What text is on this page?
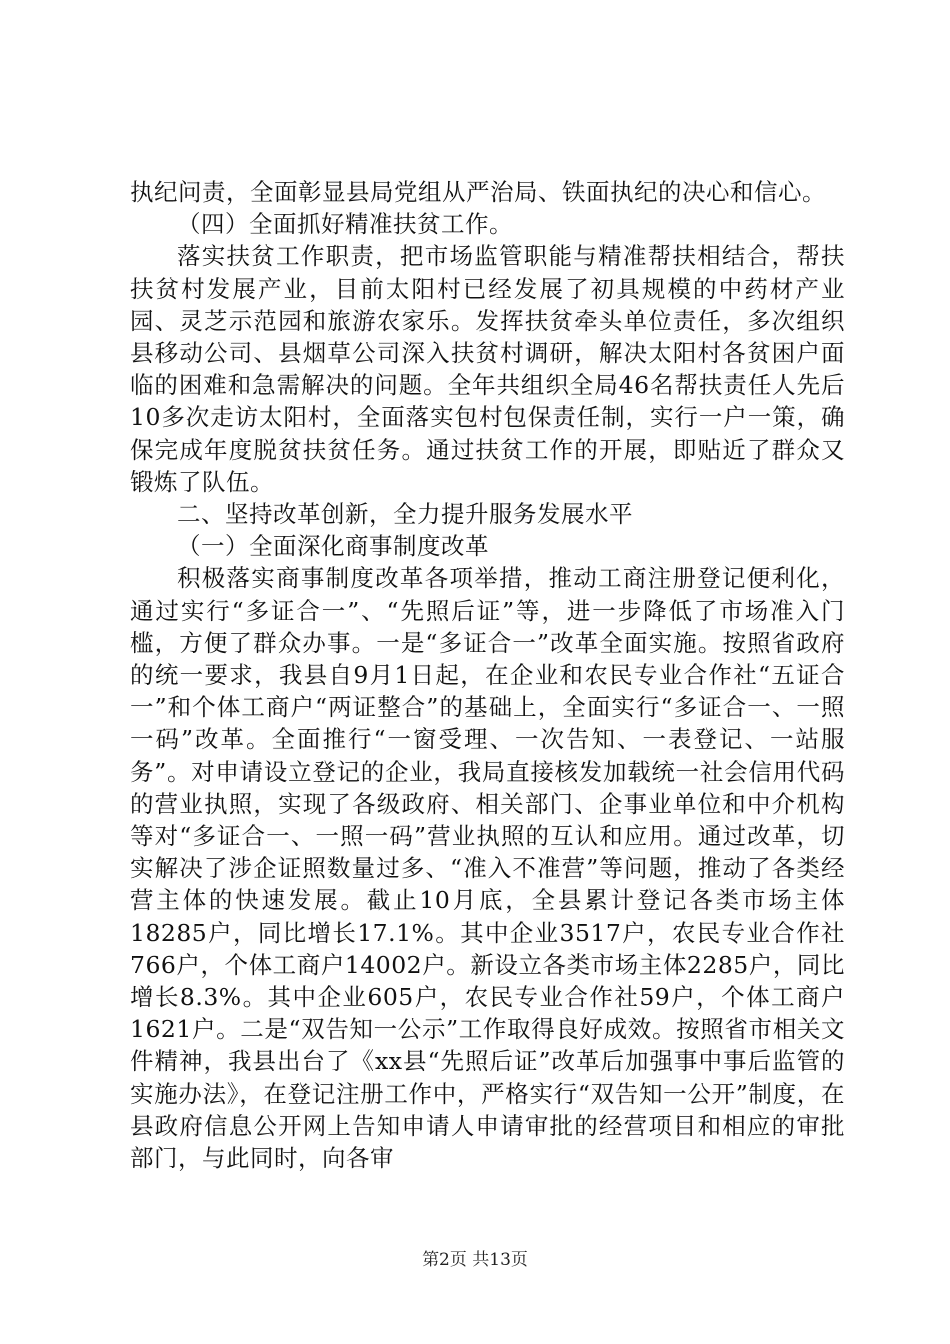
执纪问责，全面彰显县局党组从严治局、铁面执纪的决心和信心。

（四）全面抓好精准扶贫工作。

落实扶贫工作职责，把市场监管职能与精准帮扶相结合，帮扶扶贫村发展产业，目前太阳村已经发展了初具规模的中药材产业园、灵芝示范园和旅游农家乐。发挥扶贫牵头单位责任，多次组织县移动公司、县烟草公司深入扶贫村调研，解决太阳村各贫困户面临的困难和急需解决的问题。全年共组织全局46名帮扶责任人先后10多次走访太阳村，全面落实包村包保责任制，实行一户一策，确保完成年度脱贫扶贫任务。通过扶贫工作的开展，即贴近了群众又锻炼了队伍。

二、坚持改革创新，全力提升服务发展水平

（一）全面深化商事制度改革

积极落实商事制度改革各项举措，推动工商注册登记便利化，通过实行“多证合一”、“先照后证”等，进一步降低了市场准入门槛，方便了群众办事。一是“多证合一”改革全面实施。按照省政府的统一要求，我县自9月1日起，在企业和农民专业合作社“五证合一”和个体工商户“两证整合”的基础上，全面实行“多证合一、一照一码”改革。全面推行“一窗受理、一次告知、一表登记、一站服务”。对申请设立登记的企业，我局直接核发加载统一社会信用代码的营业执照，实现了各级政府、相关部门、企事业单位和中介机构等对“多证合一、一照一码”营业执照的互认和应用。通过改革，切实解决了涉企证照数量过多、“准入不准营”等问题，推动了各类经营主体的快速发展。截止10月底，全县累计登记各类市场主体18285户，同比增长17.1%。其中企业3517户，农民专业合作社766户，个体工商户14002户。新设立各类市场主体2285户，同比增长8.3%。其中企业605户，农民专业合作社59户，个体工商户1621户。二是“双告知一公示”工作取得良好成效。按照省市相关文件精神，我县出台了《xx县“先照后证”改革后加强事中事后监管的实施办法》，在登记注册工作中，严格实行“双告知一公开”制度，在县政府信息公开网上告知申请人申请审批的经营项目和相应的审批部门，与此同时，向各审

第2页 共13页
